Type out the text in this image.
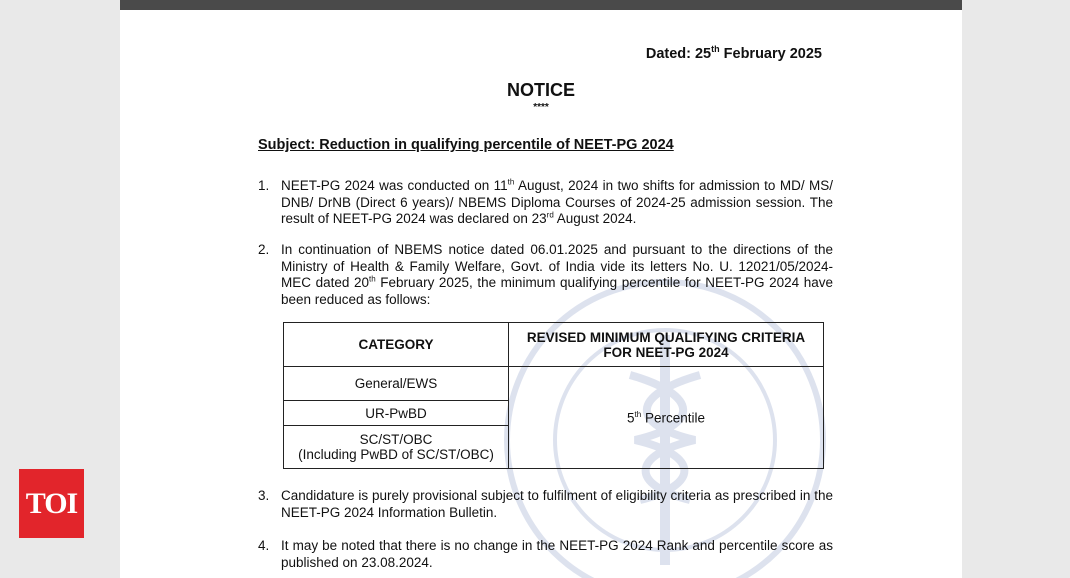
Dated: 25th February 2025
NOTICE
****
Subject: Reduction in qualifying percentile of NEET-PG 2024
1. NEET-PG 2024 was conducted on 11th August, 2024 in two shifts for admission to MD/ MS/ DNB/ DrNB (Direct 6 years)/ NBEMS Diploma Courses of 2024-25 admission session. The result of NEET-PG 2024 was declared on 23rd August 2024.
2. In continuation of NBEMS notice dated 06.01.2025 and pursuant to the directions of the Ministry of Health & Family Welfare, Govt. of India vide its letters No. U. 12021/05/2024-MEC dated 20th February 2025, the minimum qualifying percentile for NEET-PG 2024 have been reduced as follows:
CATEGORY	REVISED MINIMUM QUALIFYING CRITERIA FOR NEET-PG 2024
General/EWS	5th Percentile
UR-PwBD	

SC/ST/OBC
(Including PwBD of SC/ST/OBC)	
3. Candidature is purely provisional subject to fulfilment of eligibility criteria as prescribed in the NEET-PG 2024 Information Bulletin.
4. It may be noted that there is no change in the NEET-PG 2024 Rank and percentile score as published on 23.08.2024.
TOI
